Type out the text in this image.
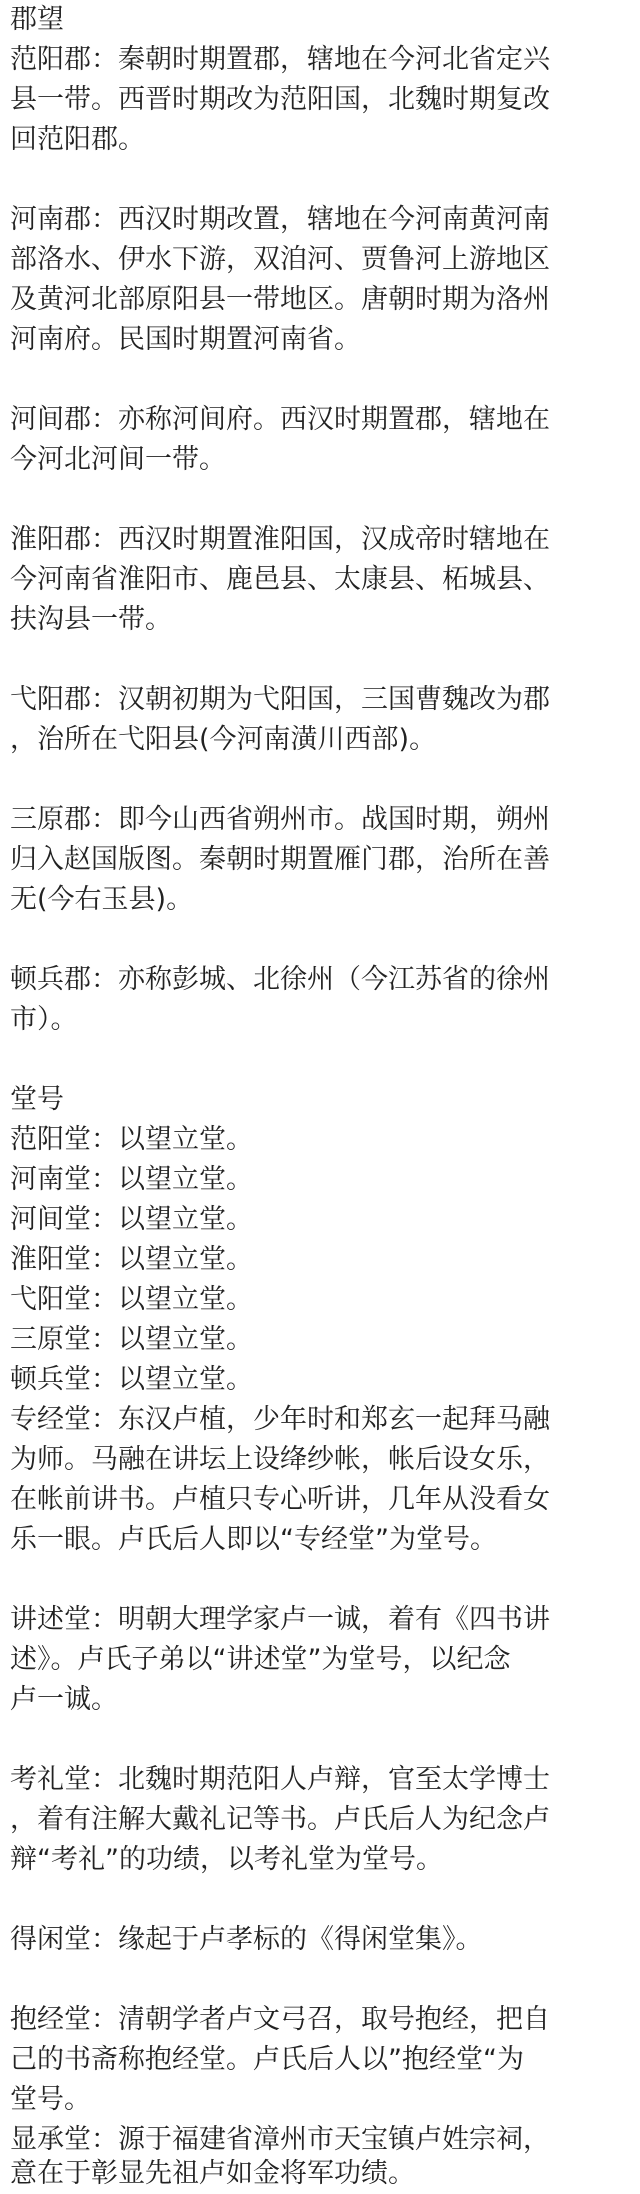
郡望
范阳郡：秦朝时期置郡，辖地在今河北省定兴
县一带。西晋时期改为范阳国，北魏时期复改
回范阳郡。
河南郡：西汉时期改置，辖地在今河南黄河南
部洛水、伊水下游，双洎河、贾鲁河上游地区
及黄河北部原阳县一带地区。唐朝时期为洛州
河南府。民国时期置河南省。
河间郡：亦称河间府。西汉时期置郡，辖地在
今河北河间一带。
淮阳郡：西汉时期置淮阳国，汉成帝时辖地在
今河南省淮阳市、鹿邑县、太康县、柘城县、
扶沟县一带。
弋阳郡：汉朝初期为弋阳国，三国曹魏改为郡
，治所在弋阳县(今河南潢川西部)。
三原郡：即今山西省朔州市。战国时期，朔州
归入赵国版图。秦朝时期置雁门郡，治所在善
无(今右玉县)。
顿兵郡：亦称彭城、北徐州（今江苏省的徐州
市）。
堂号
范阳堂：以望立堂。
河南堂：以望立堂。
河间堂：以望立堂。
淮阳堂：以望立堂。
弋阳堂：以望立堂。
三原堂：以望立堂。
顿兵堂：以望立堂。
专经堂：东汉卢植，少年时和郑玄一起拜马融
为师。马融在讲坛上设绛纱帐，帐后设女乐，
在帐前讲书。卢植只专心听讲，几年从没看女
乐一眼。卢氏后人即以“专经堂”为堂号。
讲述堂：明朝大理学家卢一诚，着有《四书讲
述》。卢氏子弟以“讲述堂”为堂号，以纪念
卢一诚。
考礼堂：北魏时期范阳人卢辩，官至太学博士
，着有注解大戴礼记等书。卢氏后人为纪念卢
辩“考礼”的功绩，以考礼堂为堂号。
得闲堂：缘起于卢孝标的《得闲堂集》。
抱经堂：清朝学者卢文弓召，取号抱经，把自
己的书斋称抱经堂。卢氏后人以”抱经堂“为
堂号。
显承堂：源于福建省漳州市天宝镇卢姓宗祠，
意在于彰显先祖卢如金将军功绩。
